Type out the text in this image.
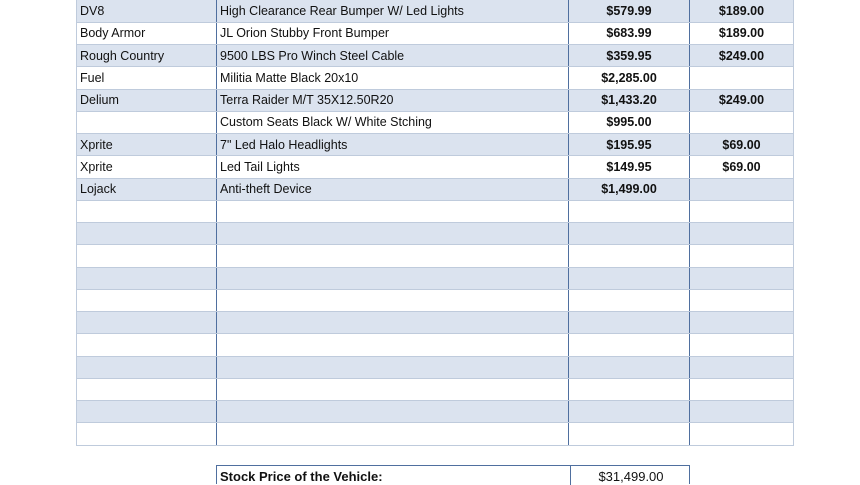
DV8	High Clearance Rear Bumper W/ Led Lights	$579.99	$189.00
Body Armor	JL Orion Stubby Front Bumper	$683.99	$189.00
Rough Country	9500 LBS Pro Winch Steel Cable	$359.95	$249.00
Fuel	Militia Matte Black 20x10	$2,285.00	
Delium	Terra Raider M/T 35X12.50R20	$1,433.20	$249.00
	Custom Seats Black W/ White Stching	$995.00	
Xprite	7" Led Halo Headlights	$195.95	$69.00
Xprite	Led Tail Lights	$149.95	$69.00
Lojack	Anti-theft Device	$1,499.00	

Stock Price of the Vehicle:	$31,499.00
